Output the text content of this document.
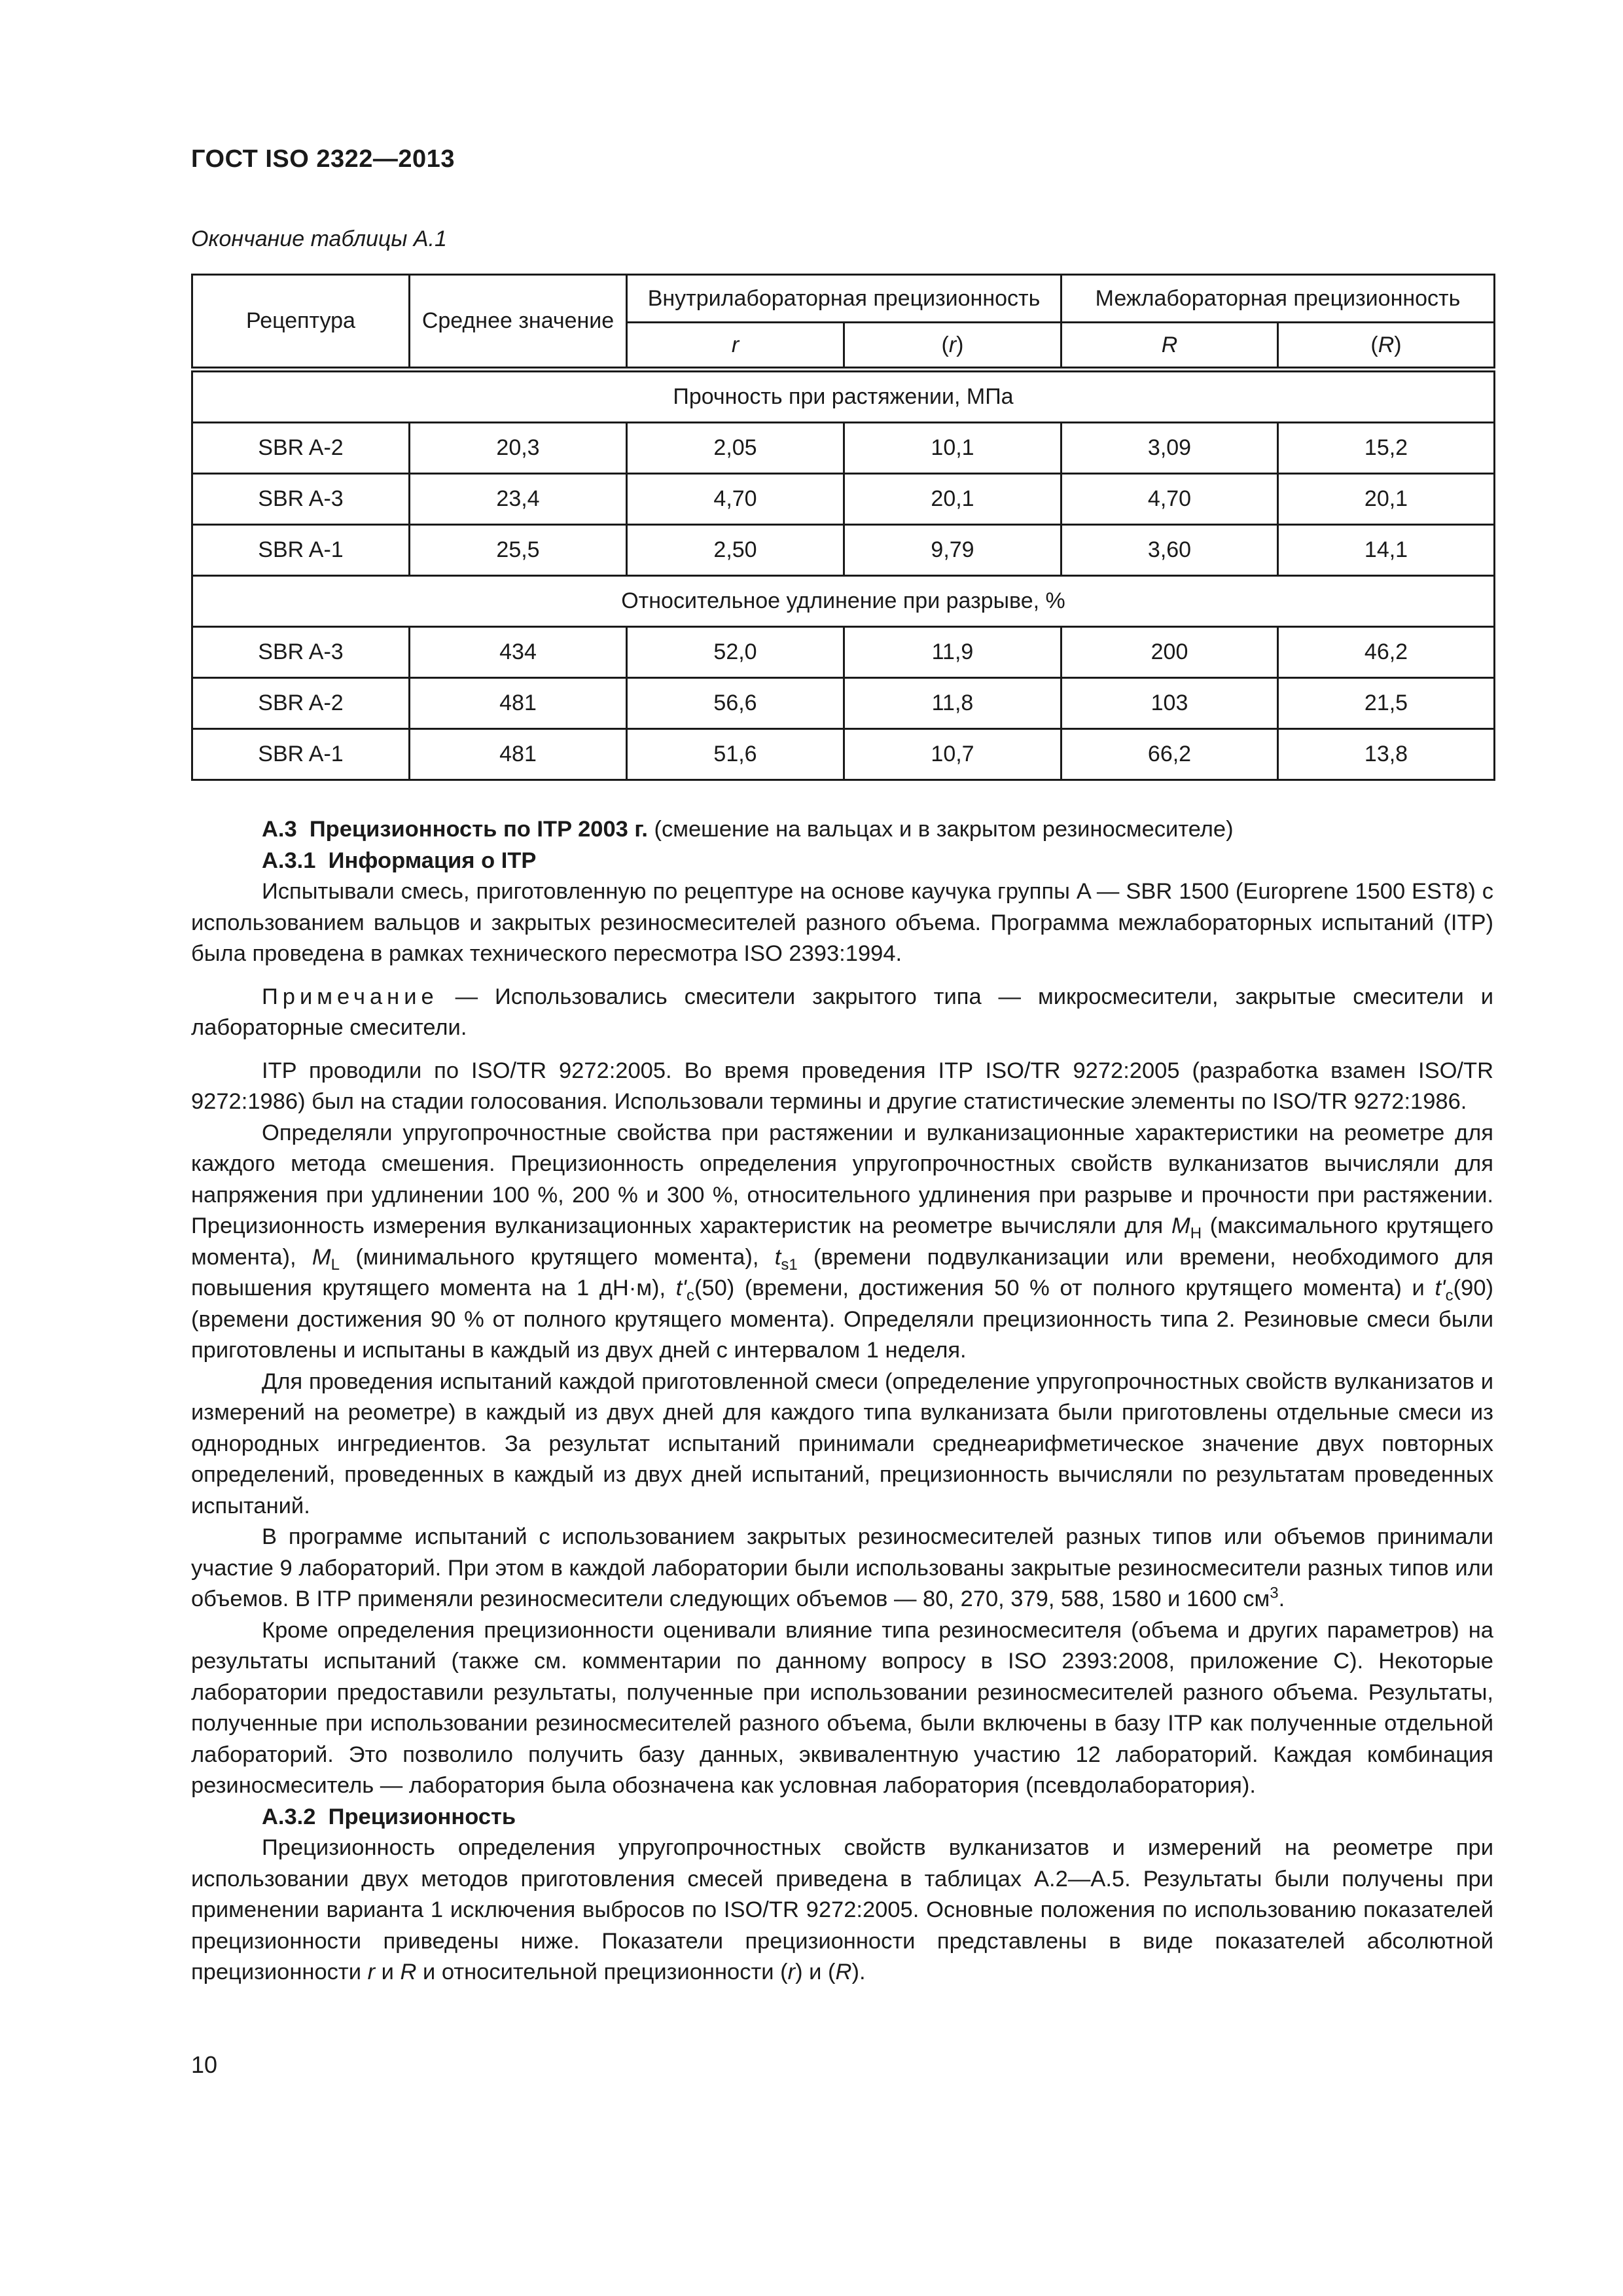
ГОСТ ISO 2322—2013
Окончание таблицы А.1
Рецептура	Среднее значение	Внутрилабораторная прецизионность		Межлабораторная прецизионность	
		r	(r)	R	(R)
Прочность при растяжении, МПа					
SBR A-2	20,3	2,05	10,1	3,09	15,2
SBR A-3	23,4	4,70	20,1	4,70	20,1
SBR A-1	25,5	2,50	9,79	3,60	14,1
Относительное удлинение при разрыве, %					
SBR A-3	434	52,0	11,9	200	46,2
SBR A-2	481	56,6	11,8	103	21,5
SBR A-1	481	51,6	10,7	66,2	13,8

А.3 Прецизионность по ITP 2003 г. (смешение на вальцах и в закрытом резиносмесителе)

А.3.1 Информация о ITP

Испытывали смесь, приготовленную по рецептуре на основе каучука группы A — SBR 1500 (Europrene 1500 EST8) с использованием вальцов и закрытых резиносмесителей разного объема. Программа межлабораторных испытаний (ITP) была проведена в рамках технического пересмотра ISO 2393:1994.

Примечание — Использовались смесители закрытого типа — микросмесители, закрытые смесители и лабораторные смесители.

ITP проводили по ISO/TR 9272:2005. Во время проведения ITP ISO/TR 9272:2005 (разработка взамен ISO/TR 9272:1986) был на стадии голосования. Использовали термины и другие статистические элементы по ISO/TR 9272:1986.

Определяли упругопрочностные свойства при растяжении и вулканизационные характеристики на реометре для каждого метода смешения. Прецизионность определения упругопрочностных свойств вулканизатов вычисляли для напряжения при удлинении 100 %, 200 % и 300 %, относительного удлинения при разрыве и прочности при растяжении. Прецизионность измерения вулканизационных характеристик на реометре вычисляли для $M_H$ (максимального крутящего момента), $M_L$ (минимального крутящего момента), $t_{s1}$ (времени подвулканизации или времени, необходимого для повышения крутящего момента на 1 дН·м), $t'_c(50)$ (времени, достижения 50 % от полного крутящего момента) и $t'_c(90)$ (времени достижения 90 % от полного крутящего момента). Определяли прецизионность типа 2. Резиновые смеси были приготовлены и испытаны в каждый из двух дней с интервалом 1 неделя.

Для проведения испытаний каждой приготовленной смеси (определение упругопрочностных свойств вулканизатов и измерений на реометре) в каждый из двух дней для каждого типа вулканизата были приготовлены отдельные смеси из однородных ингредиентов. За результат испытаний принимали среднеарифметическое значение двух повторных определений, проведенных в каждый из двух дней испытаний, прецизионность вычисляли по результатам проведенных испытаний.

В программе испытаний с использованием закрытых резиносмесителей разных типов или объемов принимали участие 9 лабораторий. При этом в каждой лаборатории были использованы закрытые резиносмесители разных типов или объемов. В ITP применяли резиносмесители следующих объемов — 80, 270, 379, 588, 1580 и 1600 $см^3$.

Кроме определения прецизионности оценивали влияние типа резиносмесителя (объема и других параметров) на результаты испытаний (также см. комментарии по данному вопросу в ISO 2393:2008, приложение С). Некоторые лаборатории предоставили результаты, полученные при использовании резиносмесителей разного объема. Результаты, полученные при использовании резиносмесителей разного объема, были включены в базу ITP как полученные отдельной лабораторий. Это позволило получить базу данных, эквивалентную участию 12 лабораторий. Каждая комбинация резиносмеситель — лаборатория была обозначена как условная лаборатория (псевдолаборатория).

А.3.2 Прецизионность

Прецизионность определения упругопрочностных свойств вулканизатов и измерений на реометре при использовании двух методов приготовления смесей приведена в таблицах А.2—А.5. Результаты были получены при применении варианта 1 исключения выбросов по ISO/TR 9272:2005. Основные положения по использованию показателей прецизионности приведены ниже. Показатели прецизионности представлены в виде показателей абсолютной прецизионности r и R и относительной прецизионности (r) и (R).

10
